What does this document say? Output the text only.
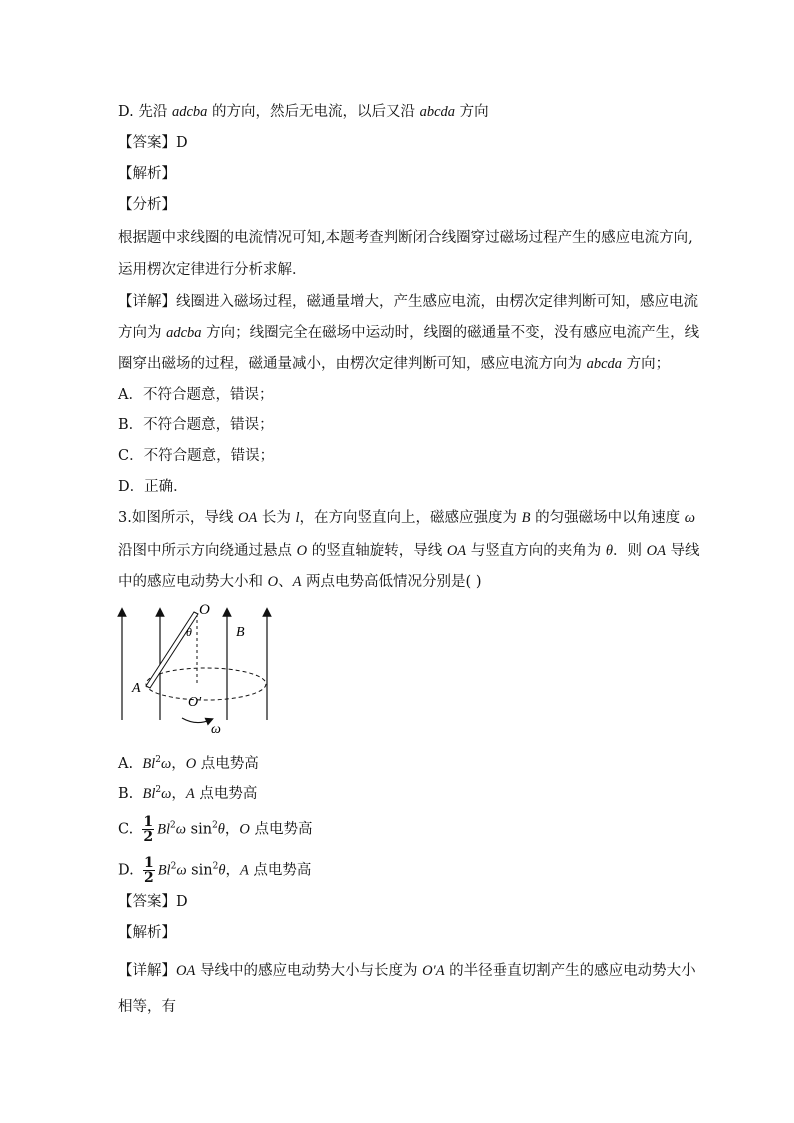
D. 先沿 adcba 的方向，然后无电流，以后又沿 abcda 方向
【答案】D
【解析】
【分析】
根据题中求线圈的电流情况可知,本题考查判断闭合线圈穿过磁场过程产生的感应电流方向,
运用楞次定律进行分析求解．
【详解】线圈进入磁场过程，磁通量增大，产生感应电流，由楞次定律判断可知，感应电流
方向为 adcba 方向；线圈完全在磁场中运动时，线圈的磁通量不变，没有感应电流产生，线
圈穿出磁场的过程，磁通量减小，由楞次定律判断可知，感应电流方向为 abcda 方向；
A．不符合题意，错误；
B．不符合题意，错误；
C．不符合题意，错误；
D．正确．
3.如图所示，导线 OA 长为 l，在方向竖直向上，磁感应强度为 B 的匀强磁场中以角速度 ω
沿图中所示方向绕通过悬点 O 的竖直轴旋转，导线 OA 与竖直方向的夹角为 θ．则 OA 导线
中的感应电动势大小和 O、A 两点电势高低情况分别是( )
O
θ	B
A
O′
ω
A.  Bl$^2$ω，O 点电势高
B.  Bl$^2$ω，A 点电势高
C. $\frac{1}{2} Bl^2\omega$ $\sin^2\theta$，O 点电势高
D. $\frac{1}{2} Bl^2\omega$ $\sin^2\theta$，A 点电势高
【答案】D
【解析】
【详解】OA 导线中的感应电动势大小与长度为 O′A 的半径垂直切割产生的感应电动势大小
相等，有
